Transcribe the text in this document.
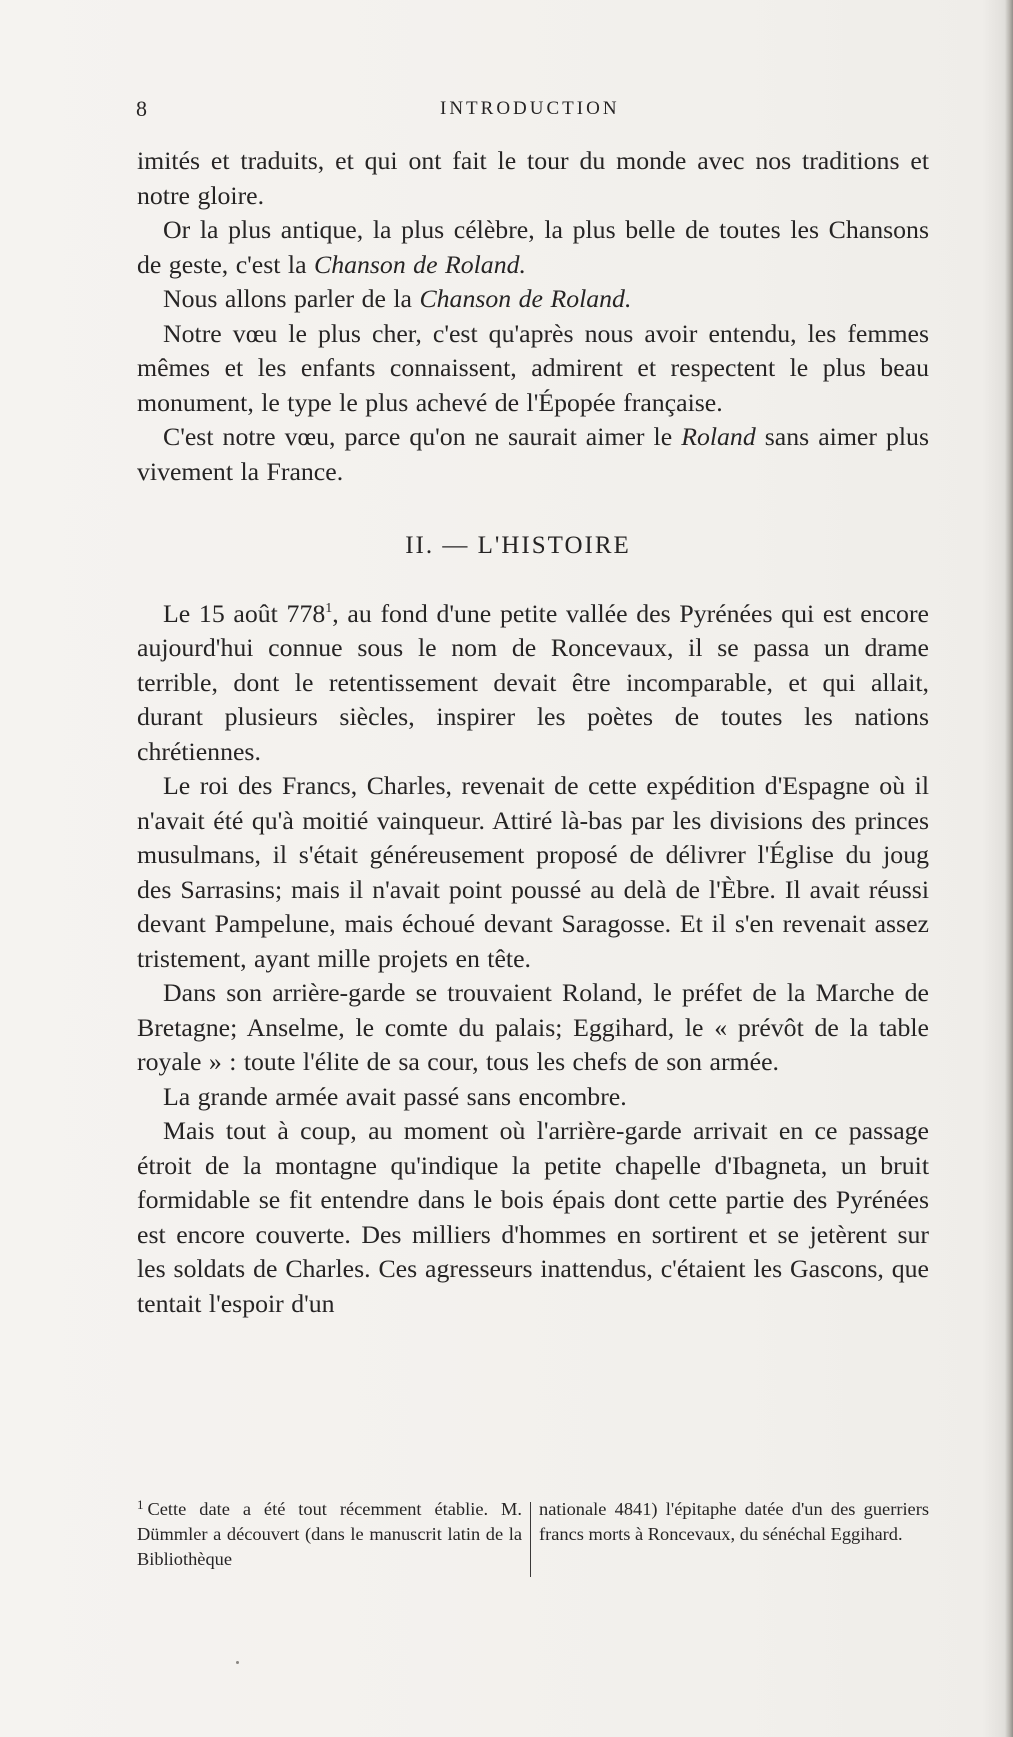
8	INTRODUCTION

imités et traduits, et qui ont fait le tour du monde avec nos traditions et notre gloire.

Or la plus antique, la plus célèbre, la plus belle de toutes les Chansons de geste, c'est la Chanson de Roland.

Nous allons parler de la Chanson de Roland.

Notre vœu le plus cher, c'est qu'après nous avoir entendu, les femmes mêmes et les enfants connaissent, admirent et respectent le plus beau monument, le type le plus achevé de l'Épopée française.

C'est notre vœu, parce qu'on ne saurait aimer le Roland sans aimer plus vivement la France.

II. — L'HISTOIRE

Le 15 août $778^1$, au fond d'une petite vallée des Pyrénées qui est encore aujourd'hui connue sous le nom de Roncevaux, il se passa un drame terrible, dont le retentissement devait être incomparable, et qui allait, durant plusieurs siècles, inspirer les poètes de toutes les nations chrétiennes.

Le roi des Francs, Charles, revenait de cette expédition d'Espagne où il n'avait été qu'à moitié vainqueur. Attiré là-bas par les divisions des princes musulmans, il s'était généreusement proposé de délivrer l'Église du joug des Sarrasins; mais il n'avait point poussé au delà de l'Èbre. Il avait réussi devant Pampelune, mais échoué devant Saragosse. Et il s'en revenait assez tristement, ayant mille projets en tête.

Dans son arrière-garde se trouvaient Roland, le préfet de la Marche de Bretagne; Anselme, le comte du palais; Eggihard, le « prévôt de la table royale » : toute l'élite de sa cour, tous les chefs de son armée.

La grande armée avait passé sans encombre.

Mais tout à coup, au moment où l'arrière-garde arrivait en ce passage étroit de la montagne qu'indique la petite chapelle d'Ibagneta, un bruit formidable se fit entendre dans le bois épais dont cette partie des Pyrénées est encore couverte. Des milliers d'hommes en sortirent et se jetèrent sur les soldats de Charles. Ces agresseurs inattendus, c'étaient les Gascons, que tentait l'espoir d'un

$^1$ Cette date a été tout récemment établie. M. Dümmler a découvert (dans le manuscrit latin de la Bibliothèque
nationale 4841) l'épitaphe datée d'un des guerriers francs morts à Roncevaux, du sénéchal Eggihard.
